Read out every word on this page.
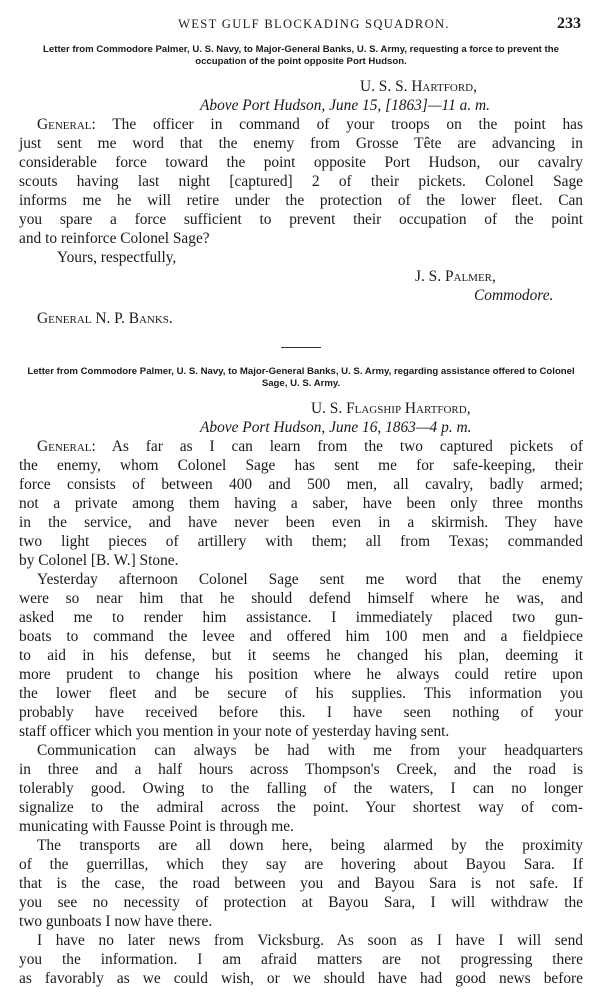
WEST GULF BLOCKADING SQUADRON.	233
Letter from Commodore Palmer, U. S. Navy, to Major-General Banks, U. S. Army, requesting a force to prevent the occupation of the point opposite Port Hudson.
U. S. S. Hartford,
Above Port Hudson, June 15, [1863]—11 a. m.

General: The officer in command of your troops on the point has

just sent me word that the enemy from Grosse Tête are advancing in

considerable force toward the point opposite Port Hudson, our cavalry

scouts having last night [captured] 2 of their pickets. Colonel Sage

informs me he will retire under the protection of the lower fleet. Can

you spare a force sufficient to prevent their occupation of the point

and to reinforce Colonel Sage?

Yours, respectfully,
J. S. Palmer,
Commodore.
General N. P. Banks.
Letter from Commodore Palmer, U. S. Navy, to Major-General Banks, U. S. Army, regarding assistance offered to Colonel Sage, U. S. Army.
U. S. Flagship Hartford,
Above Port Hudson, June 16, 1863—4 p. m.

General: As far as I can learn from the two captured pickets of

the enemy, whom Colonel Sage has sent me for safe-keeping, their

force consists of between 400 and 500 men, all cavalry, badly armed;

not a private among them having a saber, have been only three months

in the service, and have never been even in a skirmish. They have

two light pieces of artillery with them; all from Texas; commanded

by Colonel [B. W.] Stone.

Yesterday afternoon Colonel Sage sent me word that the enemy

were so near him that he should defend himself where he was, and

asked me to render him assistance. I immediately placed two gun-

boats to command the levee and offered him 100 men and a fieldpiece

to aid in his defense, but it seems he changed his plan, deeming it

more prudent to change his position where he always could retire upon

the lower fleet and be secure of his supplies. This information you

probably have received before this. I have seen nothing of your

staff officer which you mention in your note of yesterday having sent.

Communication can always be had with me from your headquarters

in three and a half hours across Thompson's Creek, and the road is

tolerably good. Owing to the falling of the waters, I can no longer

signalize to the admiral across the point. Your shortest way of com-

municating with Fausse Point is through me.

The transports are all down here, being alarmed by the proximity

of the guerrillas, which they say are hovering about Bayou Sara. If

that is the case, the road between you and Bayou Sara is not safe. If

you see no necessity of protection at Bayou Sara, I will withdraw the

two gunboats I now have there.

I have no later news from Vicksburg. As soon as I have I will send

you the information. I am afraid matters are not progressing there

as favorably as we could wish, or we should have had good news before
